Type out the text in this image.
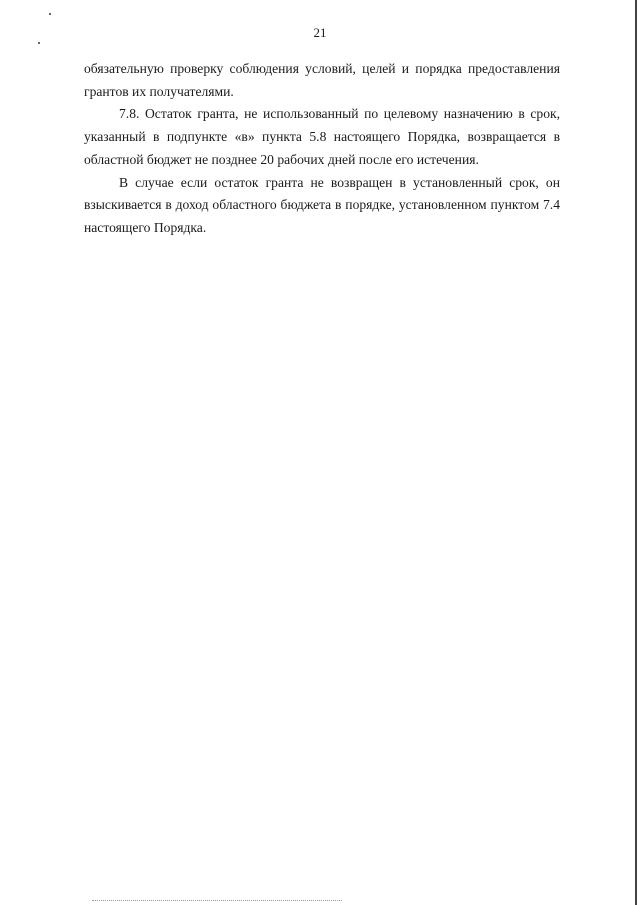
21

обязательную проверку соблюдения условий, целей и порядка предоставления грантов их получателями.

7.8. Остаток гранта, не использованный по целевому назначению в срок, указанный в подпункте «в» пункта 5.8 настоящего Порядка, возвращается в областной бюджет не позднее 20 рабочих дней после его истечения.

В случае если остаток гранта не возвращен в установленный срок, он взыскивается в доход областного бюджета в порядке, установленном пунктом 7.4 настоящего Порядка.
